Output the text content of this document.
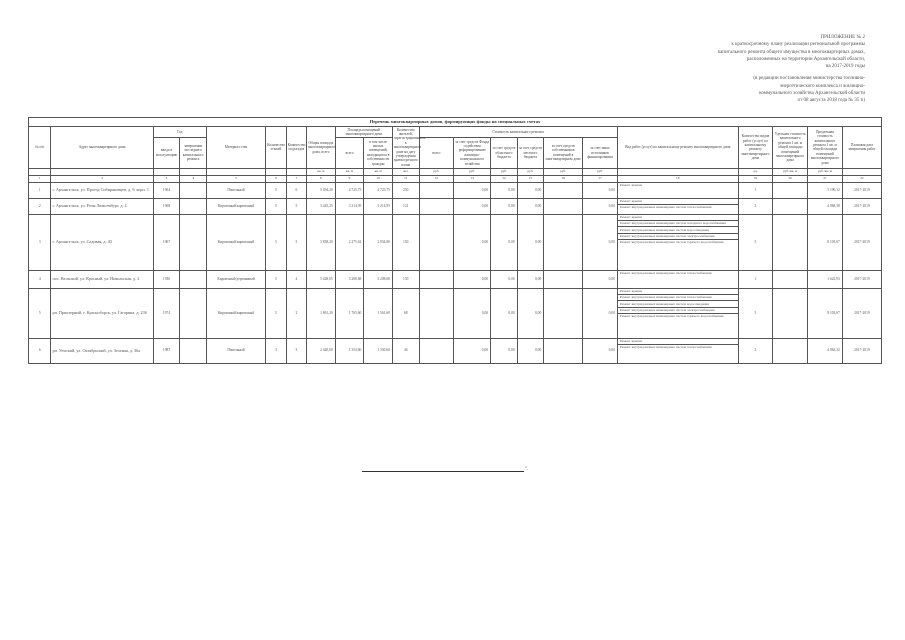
ПРИЛОЖЕНИЕ № 2
к краткосрочному плану реализации региональной программы
капитального ремонта общего имущества в многоквартирных домах,
расположенных на территории Архангельской области,
на 2017-2019 годы
(в редакции постановления министерства топливно-
энергетического комплекса и жилищно-
коммунального хозяйства Архангельской области
от 08 августа 2018 года № 35 п)
Перечень многоквартирных домов, формирующих фонды на специальных счетах																					
№ п/п	Адрес многоквартирного дома	Год		Материал стен	Количество этажей	Количество подъездов	Общая площадь многоквартирного дома, всего	Площадь помещений многоквартирного дома		Количество жителей, зарегистрированных в многоквартирном доме на дату утверждения краткосрочного плана	Стоимость капитального ремонта						Вид работ (услуг) по капитальному ремонту многоквартирного дома	Количество видов работ (услуг) по капитальному ремонту многоквартирного дома	Удельная стоимость капитального ремонта 1 кв. м общей площади помещений многоквартирного дома	Предельная стоимость капитального ремонта 1 кв. м общей площади помещений многоквартирного дома	Плановая дата завершения работ
		ввода в эксплуатацию	завершения последнего капитального ремонта					всего	в том числе жилых помещений, находящихся в собственности граждан		всего	за счет средств Фонда содействия реформированию жилищно-коммунального хозяйства	за счет средств областного бюджета	за счет средств местного бюджета	за счет средств собственников помещений в многоквартирном доме	за счет иных источников финансирования					

							кв. м	кв. м	кв. м	чел.	руб.	руб.	руб.	руб.	руб.	руб.		ед.	руб./кв. м	руб./кв. м	
1	2	3	4	5	6	7	8	9	10	11	12	13	14	15	16	17	18	19	20	21	22
1	г. Архангельск, ул. Проезд Сибиряковцев, д. 9, корп. 1	1964		Панельный	5	6	5 494,20	4 725,75	4 725,75	250		0,00	0,00	0,00		0,00	Ремонт крыши	1		5 190,12	2017-2019
2	г. Архангельск, ул. Розы Люксембург, д. 4	1968		Кирпичный/кирпичный	5	5	3 445,25	3 214,95	3 214,95	121		0,00	0,00	0,00		0,00	Ремонт крыши
Ремонт внутридомовых инженерных систем теплоснабжения	2		4 068,38	2017-2019
3	г. Архангельск, ул. Садовая, д. 40	1967		Кирпичный/кирпичный	5	5	3 838,20	2 275,62	2 834,80	150		0,00	0,00	0,00		0,00	Ремонт крыши
Ремонт внутридомовых инженерных систем холодного водоснабжения
Ремонт внутридомовых инженерных систем водоотведения
Ремонт внутридомовых инженерных систем электроснабжения
Ремонт внутридомовых инженерных систем горячего водоснабжения	5		8 103,67	2017-2019
4	пос. Вельский, ул. Красный, ул. Никольская, д. 2	1930		Кирпичный/деревянный	5	4	5 428,05	3 208,68	3 208,68	150		0,00	0,00	0,00		0,00	Ремонт внутридомовых инженерных систем теплоснабжения	1		1 622,93	2017-2019
5	рп. Приозерный, г. Красноборск, ул. Гагарина, д. 23б	1974		Кирпичный/кирпичный	5	2	1 861,20	1 765,60	1 561,60	68		0,00	0,00	0,00		0,00	Ремонт крыши
Ремонт внутридомовых инженерных систем теплоснабжения
Ремонт внутридомовых инженерных систем водоотведения
Ремонт внутридомовых инженерных систем электроснабжения
Ремонт внутридомовых инженерных систем горячего водоснабжения	5		8 103,67	2017-2019
6	рп. Уемский, ул. Октябрьский, ул. Зеленая, д. 36а	1987		Панельный	3	3	2 440,00	1 354,60	1 330,60	46		0,00	0,00	0,00		0,00	Ремонт крыши
Ремонт внутридомовых инженерных систем теплоснабжения	2		4 063,32	2017-2019
".
